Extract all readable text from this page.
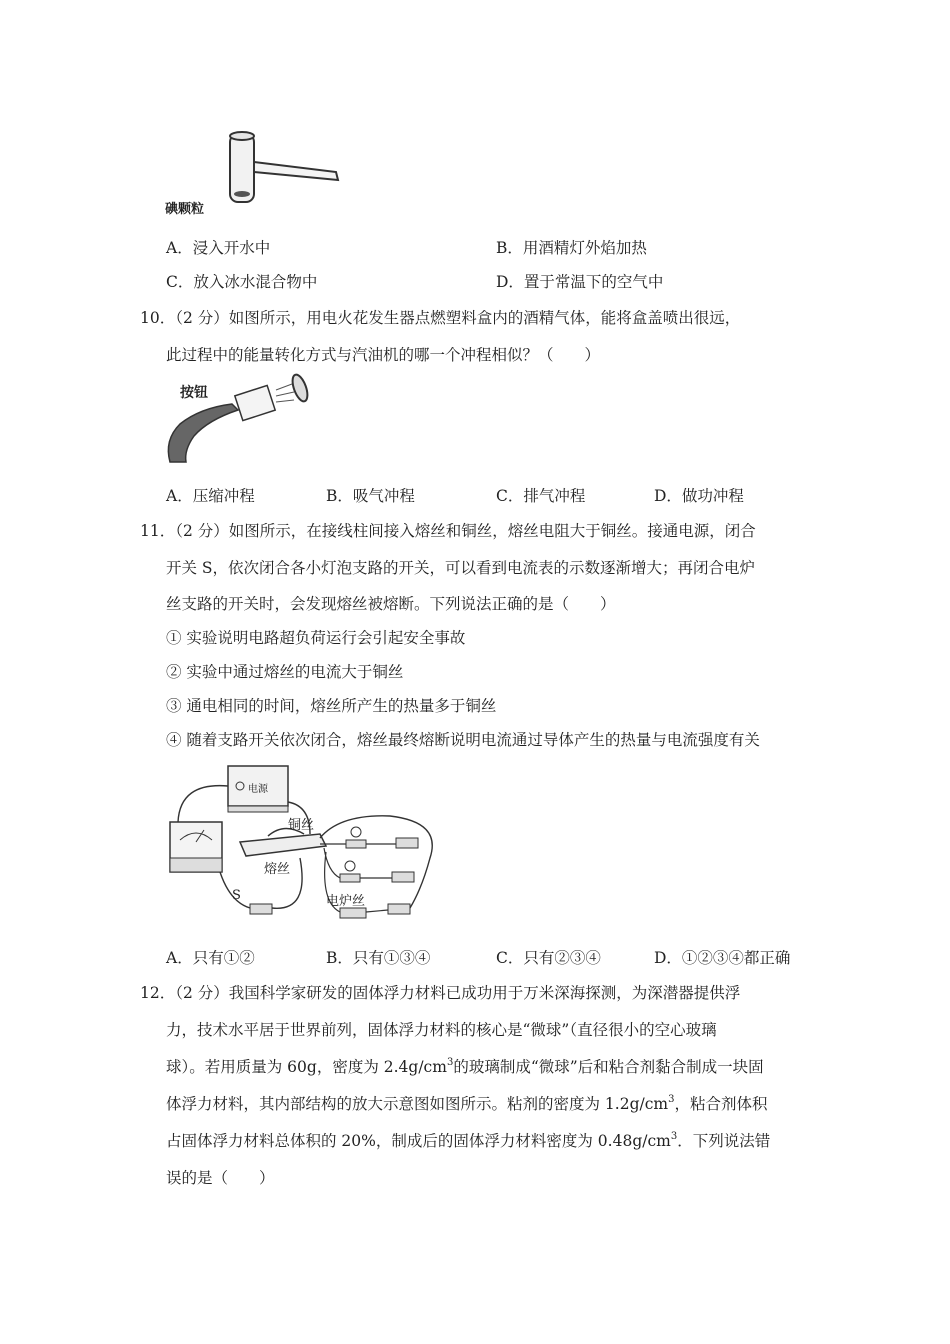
碘颗粒
A．浸入开水中	B．用酒精灯外焰加热
C．放入冰水混合物中	D．置于常温下的空气中
10．（2 分）如图所示，用电火花发生器点燃塑料盒内的酒精气体，能将盒盖喷出很远，
此过程中的能量转化方式与汽油机的哪一个冲程相似？（　　）
按钮
A．压缩冲程	B．吸气冲程	C．排气冲程	D．做功冲程
11．（2 分）如图所示，在接线柱间接入熔丝和铜丝，熔丝电阻大于铜丝。接通电源，闭合
开关 S，依次闭合各小灯泡支路的开关，可以看到电流表的示数逐渐增大；再闭合电炉
丝支路的开关时，会发现熔丝被熔断。下列说法正确的是（　　）
① 实验说明电路超负荷运行会引起安全事故
② 实验中通过熔丝的电流大于铜丝
③ 通电相同的时间，熔丝所产生的热量多于铜丝
④ 随着支路开关依次闭合，熔丝最终熔断说明电流通过导体产生的热量与电流强度有关
电源
铜丝
熔丝
电炉丝
S
A．只有①②	B．只有①③④	C．只有②③④	D．①②③④都正确
12．（2 分）我国科学家研发的固体浮力材料已成功用于万米深海探测，为深潜器提供浮
力，技术水平居于世界前列，固体浮力材料的核心是“微球”（直径很小的空心玻璃
球）。若用质量为 60g，密度为 $2.4g/cm^3$的玻璃制成“微球”后和粘合剂黏合制成一块固
体浮力材料，其内部结构的放大示意图如图所示。粘剂的密度为 $1.2g/cm^3$，粘合剂体积
占固体浮力材料总体积的 20%，制成后的固体浮力材料密度为 $0.48g/cm^3$．下列说法错
误的是（　　）
